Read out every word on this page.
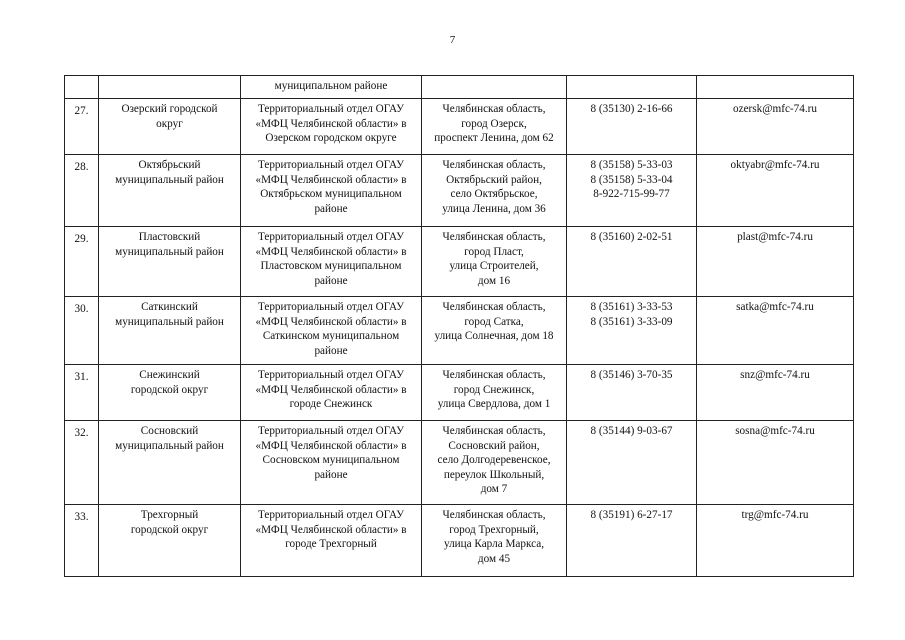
7
		муниципальном районе			
27.	Озерский городской
округ	Территориальный отдел ОГАУ
«МФЦ Челябинской области» в
Озерском городском округе	Челябинская область,
город Озерск,
проспект Ленина, дом 62	8 (35130) 2-16-66	ozersk@mfc-74.ru
28.	Октябрьский
муниципальный район	Территориальный отдел ОГАУ
«МФЦ Челябинской области» в
Октябрьском муниципальном
районе	Челябинская область,
Октябрьский район,
село Октябрьское,
улица Ленина, дом 36	8 (35158) 5-33-03
8 (35158) 5-33-04
8-922-715-99-77	oktyabr@mfc-74.ru
29.	Пластовский
муниципальный район	Территориальный отдел ОГАУ
«МФЦ Челябинской области» в
Пластовском муниципальном
районе	Челябинская область,
город Пласт,
улица Строителей,
дом 16	8 (35160) 2-02-51	plast@mfc-74.ru
30.	Саткинский
муниципальный район	Территориальный отдел ОГАУ
«МФЦ Челябинской области» в
Саткинском муниципальном
районе	Челябинская область,
город Сатка,
улица Солнечная, дом 18	8 (35161) 3-33-53
8 (35161) 3-33-09	satka@mfc-74.ru
31.	Снежинский
городской округ	Территориальный отдел ОГАУ
«МФЦ Челябинской области» в
городе Снежинск	Челябинская область,
город Снежинск,
улица Свердлова, дом 1	8 (35146) 3-70-35	snz@mfc-74.ru
32.	Сосновский
муниципальный район	Территориальный отдел ОГАУ
«МФЦ Челябинской области» в
Сосновском муниципальном
районе	Челябинская область,
Сосновский район,
село Долгодеревенское,
переулок Школьный,
дом 7	8 (35144) 9-03-67	sosna@mfc-74.ru
33.	Трехгорный
городской округ	Территориальный отдел ОГАУ
«МФЦ Челябинской области» в
городе Трехгорный	Челябинская область,
город Трехгорный,
улица Карла Маркса,
дом 45	8 (35191) 6-27-17	trg@mfc-74.ru
